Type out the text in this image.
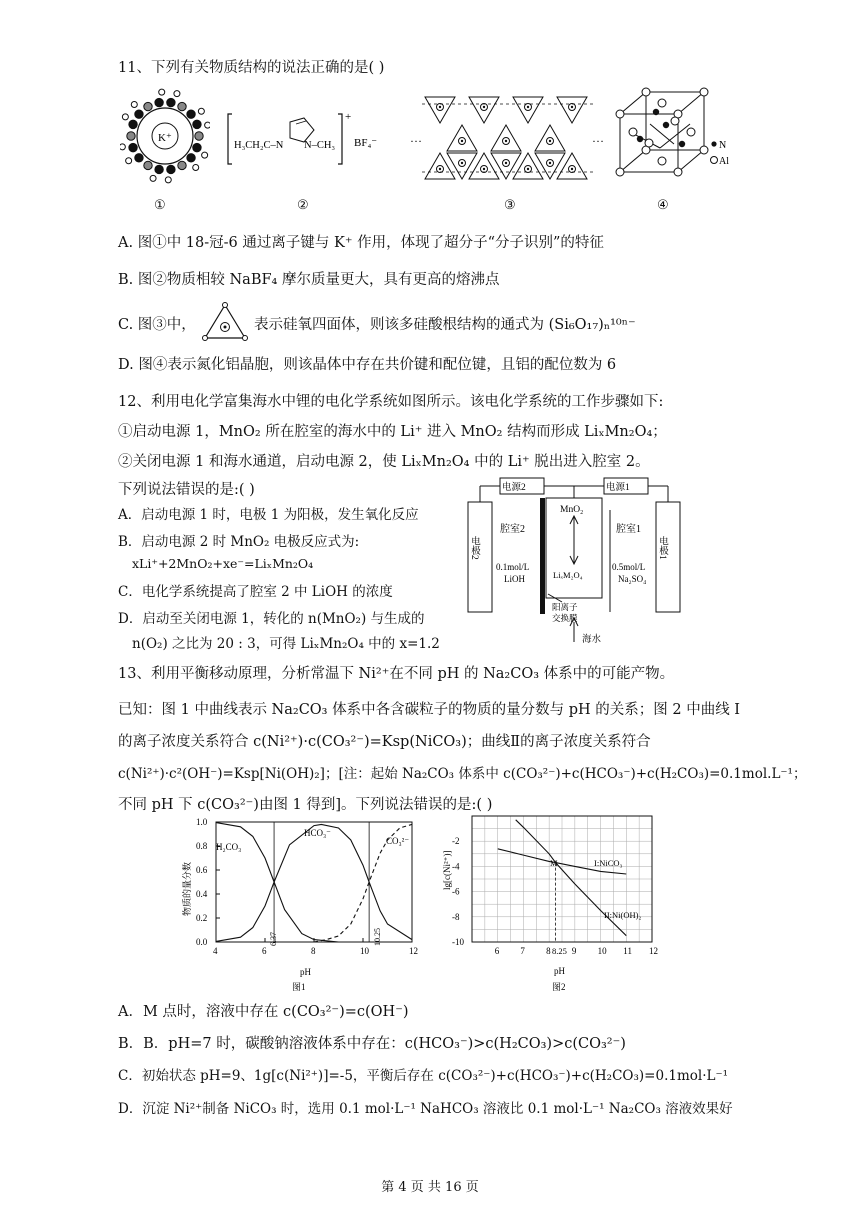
11、下列有关物质结构的说法正确的是( )
K⁺
①
H₃CH₂C–N N–CH₃
+
BF₄⁻
②
…	…
③
N
Al
④
A. 图①中 18-冠-6 通过离子键与 K⁺ 作用，体现了超分子“分子识别”的特征
B. 图②物质相较 NaBF₄ 摩尔质量更大，具有更高的熔沸点
C. 图③中，	表示硅氧四面体，则该多硅酸根结构的通式为 (Si₆O₁₇)ₙ¹⁰ⁿ⁻
D. 图④表示氮化铝晶胞，则该晶体中存在共价键和配位键，且铝的配位数为 6
12、利用电化学富集海水中锂的电化学系统如图所示。该电化学系统的工作步骤如下:
①启动电源 1，MnO₂ 所在腔室的海水中的 Li⁺ 进入 MnO₂ 结构而形成 LiₓMn₂O₄；
②关闭电源 1 和海水通道，启动电源 2，使 LiₓMn₂O₄ 中的 Li⁺ 脱出进入腔室 2。
下列说法错误的是:( )
A．启动电源 1 时，电极 1 为阳极，发生氧化反应
B．启动电源 2 时 MnO₂ 电极反应式为:
xLi⁺+2MnO₂+xe⁻=LiₓMn₂O₄
C．电化学系统提高了腔室 2 中 LiOH 的浓度
D．启动至关闭电源 1，转化的 n(MnO₂) 与生成的
n(O₂) 之比为 20 : 3，可得 LiₓMn₂O₄ 中的 x=1.2
电源2	电源1
电极2	电极1
腔室2	腔室1
MnO₂
LiₓM₂O₄
0.1mol/L
LiOH
0.5mol/L
Na₂SO₄
阳离子
交换膜
海水
13、利用平衡移动原理，分析常温下 Ni²⁺在不同 pH 的 Na₂CO₃ 体系中的可能产物。
已知：图 1 中曲线表示 Na₂CO₃ 体系中各含碳粒子的物质的量分数与 pH 的关系；图 2 中曲线 I
的离子浓度关系符合 c(Ni²⁺)·c(CO₃²⁻)=Ksp(NiCO₃)；曲线Ⅱ的离子浓度关系符合
c(Ni²⁺)·c²(OH⁻)=Ksp[Ni(OH)₂]；[注：起始 Na₂CO₃ 体系中 c(CO₃²⁻)+c(HCO₃⁻)+c(H₂CO₃)=0.1mol.L⁻¹；
不同 pH 下 c(CO₃²⁻)由图 1 得到]。下列说法错误的是:( )
4	6	8	10	12
0.0
0.2
0.4
0.6
0.8
1.0
H₂CO₃
HCO₃⁻
CO₃²⁻
6.37	10.25
pH
图1
物质的量分数
6 7 8 9 10 11 12
-2
-4
-6
-8
-10
M	I:NiCO₃
II:Ni(OH)₂
8.25
pH
图2
lg[c(Ni²⁺)]
A．M 点时，溶液中存在 c(CO₃²⁻)=c(OH⁻)
B．B．pH=7 时，碳酸钠溶液体系中存在：c(HCO₃⁻)>c(H₂CO₃)>c(CO₃²⁻)
C．初始状态 pH=9、1g[c(Ni²⁺)]=-5，平衡后存在 c(CO₃²⁻)+c(HCO₃⁻)+c(H₂CO₃)=0.1mol·L⁻¹
D．沉淀 Ni²⁺制备 NiCO₃ 时，选用 0.1 mol·L⁻¹ NaHCO₃ 溶液比 0.1 mol·L⁻¹ Na₂CO₃ 溶液效果好
第 4 页 共 16 页
